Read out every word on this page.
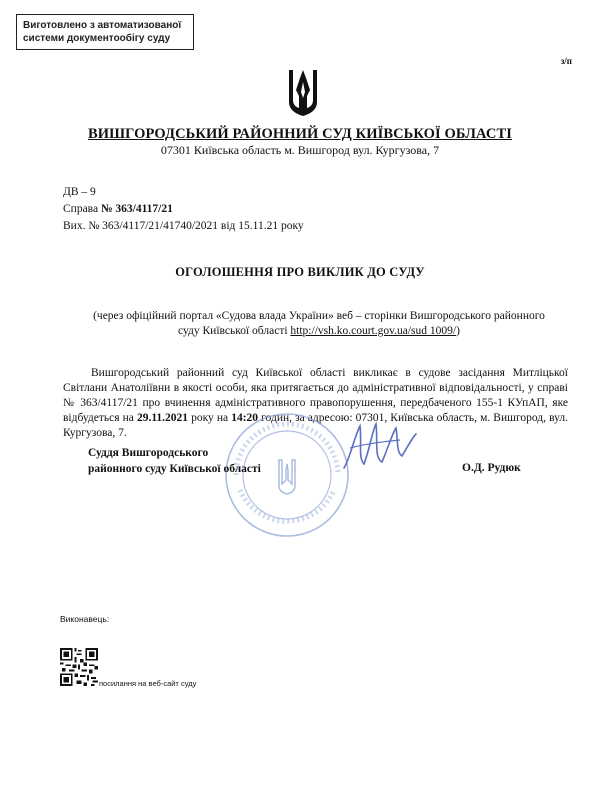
Виготовлено з автоматизованої
системи документообігу суду
з/п
ВИШГОРОДСЬКИЙ РАЙОННИЙ СУД КИЇВСЬКОЇ ОБЛАСТІ
07301 Київська область м. Вишгород вул. Кургузова, 7
ДВ – 9
Справа № 363/4117/21
Вих. № 363/4117/21/41740/2021 від 15.11.21 року
ОГОЛОШЕННЯ ПРО ВИКЛИК ДО СУДУ
(через офіційний портал «Судова влада України» веб – сторінки Вишгородського районного суду Київської області http://vsh.ko.court.gov.ua/sud 1009/)
Вишгородський районний суд Київської області викликає в судове засідання Митліцької Світлани Анатоліївни в якості особи, яка притягається до адміністративної відповідальності, у справі № 363/4117/21 про вчинення адміністративного правопорушення, передбаченого 155-1 КУпАП, яке відбудеться на 29.11.2021 року на 14:20 годин, за адресою: 07301, Київська область, м. Вишгород, вул. Кургузова, 7.
Суддя Вишгородського
районного суду Київської області	О.Д. Рудюк
Виконавець:
посилання на веб-сайт суду
